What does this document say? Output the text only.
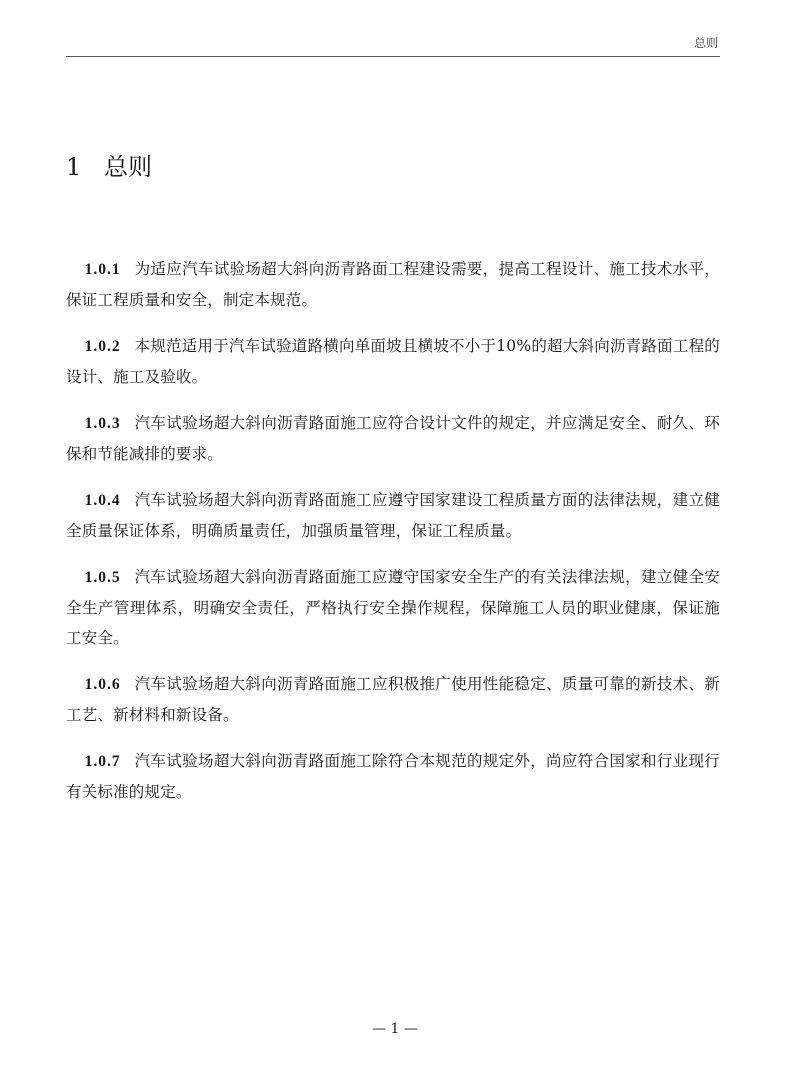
总则
1 总则

1.0.1 为适应汽车试验场超大斜向沥青路面工程建设需要，提高工程设计、施工技术水平，保证工程质量和安全，制定本规范。

1.0.2 本规范适用于汽车试验道路横向单面坡且横坡不小于10%的超大斜向沥青路面工程的设计、施工及验收。

1.0.3 汽车试验场超大斜向沥青路面施工应符合设计文件的规定，并应满足安全、耐久、环保和节能减排的要求。

1.0.4 汽车试验场超大斜向沥青路面施工应遵守国家建设工程质量方面的法律法规，建立健全质量保证体系，明确质量责任，加强质量管理，保证工程质量。

1.0.5 汽车试验场超大斜向沥青路面施工应遵守国家安全生产的有关法律法规，建立健全安全生产管理体系，明确安全责任，严格执行安全操作规程，保障施工人员的职业健康，保证施工安全。

1.0.6 汽车试验场超大斜向沥青路面施工应积极推广使用性能稳定、质量可靠的新技术、新工艺、新材料和新设备。

1.0.7 汽车试验场超大斜向沥青路面施工除符合本规范的规定外，尚应符合国家和行业现行有关标准的规定。

— 1 —
